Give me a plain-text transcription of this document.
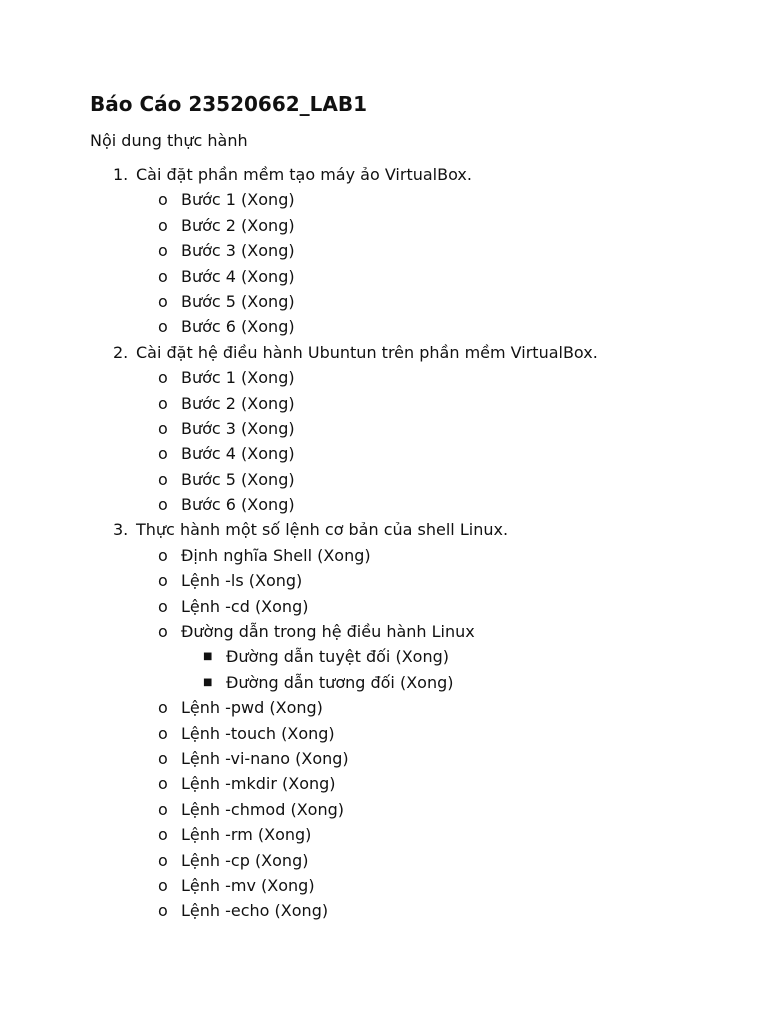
Báo Cáo 23520662_LAB1
Nội dung thực hành
1. Cài đặt phần mềm tạo máy ảo VirtualBox.
o Bước 1 (Xong)
o Bước 2 (Xong)
o Bước 3 (Xong)
o Bước 4 (Xong)
o Bước 5 (Xong)
o Bước 6 (Xong)
2. Cài đặt hệ điều hành Ubuntun trên phần mềm VirtualBox.
o Bước 1 (Xong)
o Bước 2 (Xong)
o Bước 3 (Xong)
o Bước 4 (Xong)
o Bước 5 (Xong)
o Bước 6 (Xong)
3. Thực hành một số lệnh cơ bản của shell Linux.
o Định nghĩa Shell (Xong)
o Lệnh -ls (Xong)
o Lệnh -cd (Xong)
o Đường dẫn trong hệ điều hành Linux
■ Đường dẫn tuyệt đối (Xong)
■ Đường dẫn tương đối (Xong)
o Lệnh -pwd (Xong)
o Lệnh -touch (Xong)
o Lệnh -vi-nano (Xong)
o Lệnh -mkdir (Xong)
o Lệnh -chmod (Xong)
o Lệnh -rm (Xong)
o Lệnh -cp (Xong)
o Lệnh -mv (Xong)
o Lệnh -echo (Xong)
